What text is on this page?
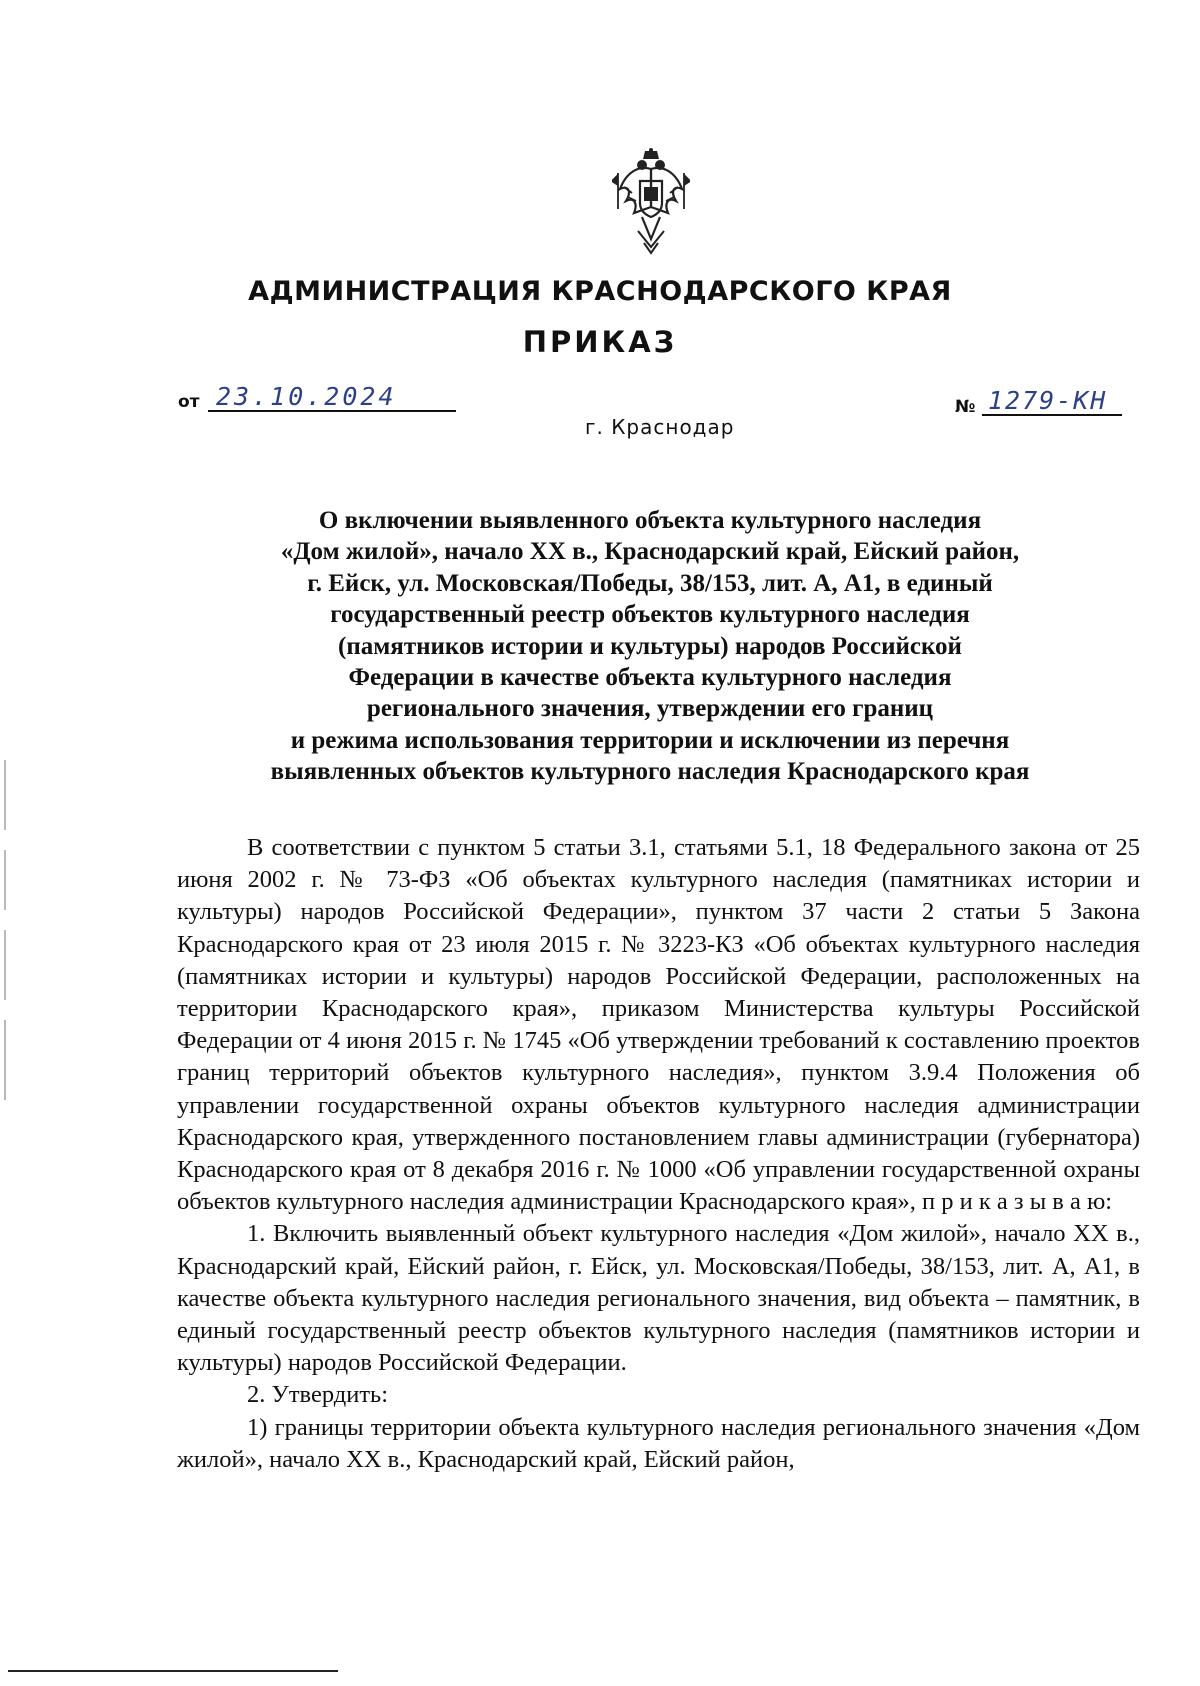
АДМИНИСТРАЦИЯ КРАСНОДАРСКОГО КРАЯ
ПРИКАЗ
от 23.10.2024
г. Краснодар
№ 1279-КН
О включении выявленного объекта культурного наследия
«Дом жилой», начало XX в., Краснодарский край, Ейский район,
г. Ейск, ул. Московская/Победы, 38/153, лит. А, А1, в единый
государственный реестр объектов культурного наследия
(памятников истории и культуры) народов Российской
Федерации в качестве объекта культурного наследия
регионального значения, утверждении его границ
и режима использования территории и исключении из перечня
выявленных объектов культурного наследия Краснодарского края

В соответствии с пунктом 5 статьи 3.1, статьями 5.1, 18 Федерального закона от 25 июня 2002 г. № 73-ФЗ «Об объектах культурного наследия (памятниках истории и культуры) народов Российской Федерации», пунктом 37 части 2 статьи 5 Закона Краснодарского края от 23 июля 2015 г. № 3223-КЗ «Об объектах культурного наследия (памятниках истории и культуры) народов Российской Федерации, расположенных на территории Краснодарского края», приказом Министерства культуры Российской Федерации от 4 июня 2015 г. № 1745 «Об утверждении требований к составлению проектов границ территорий объектов культурного наследия», пунктом 3.9.4 Положения об управлении государственной охраны объектов культурного наследия администрации Краснодарского края, утвержденного постановлением главы администрации (губернатора) Краснодарского края от 8 декабря 2016 г. № 1000 «Об управлении государственной охраны объектов культурного наследия администрации Краснодарского края», п р и к а з ы в а ю:

1. Включить выявленный объект культурного наследия «Дом жилой», начало XX в., Краснодарский край, Ейский район, г. Ейск, ул. Московская/Победы, 38/153, лит. А, А1, в качестве объекта культурного наследия регионального значения, вид объекта – памятник, в единый государственный реестр объектов культурного наследия (памятников истории и культуры) народов Российской Федерации.

2. Утвердить:

1) границы территории объекта культурного наследия регионального значения «Дом жилой», начало XX в., Краснодарский край, Ейский район,
